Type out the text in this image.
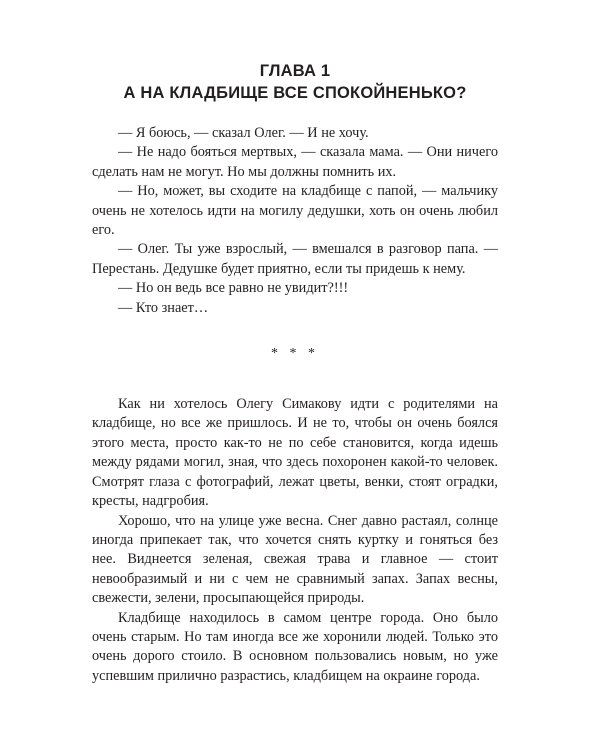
ГЛАВА 1
А НА КЛАДБИЩЕ ВСЕ СПОКОЙНЕНЬКО?

— Я боюсь, — сказал Олег. — И не хочу.

— Не надо бояться мертвых, — сказала мама. — Они ничего сделать нам не могут. Но мы должны помнить их.

— Но, может, вы сходите на кладбище с папой, — мальчику очень не хотелось идти на могилу дедушки, хоть он очень любил его.

— Олег. Ты уже взрослый, — вмешался в разговор папа. — Перестань. Дедушке будет приятно, если ты придешь к нему.

— Но он ведь все равно не увидит?!!!

— Кто знает…

* * *

Как ни хотелось Олегу Симакову идти с родителями на кладбище, но все же пришлось. И не то, чтобы он очень боялся этого места, просто как-то не по себе становится, когда идешь между рядами могил, зная, что здесь похоронен какой-то человек. Смотрят глаза с фотографий, лежат цветы, венки, стоят оградки, кресты, надгробия.

Хорошо, что на улице уже весна. Снег давно растаял, солнце иногда припекает так, что хочется снять куртку и гоняться без нее. Виднеется зеленая, свежая трава и главное — стоит невообразимый и ни с чем не сравнимый запах. Запах весны, свежести, зелени, просыпающейся природы.

Кладбище находилось в самом центре города. Оно было очень старым. Но там иногда все же хоронили людей. Только это очень дорого стоило. В основном пользовались новым, но уже успевшим прилично разрастись, кладбищем на окраине города.
